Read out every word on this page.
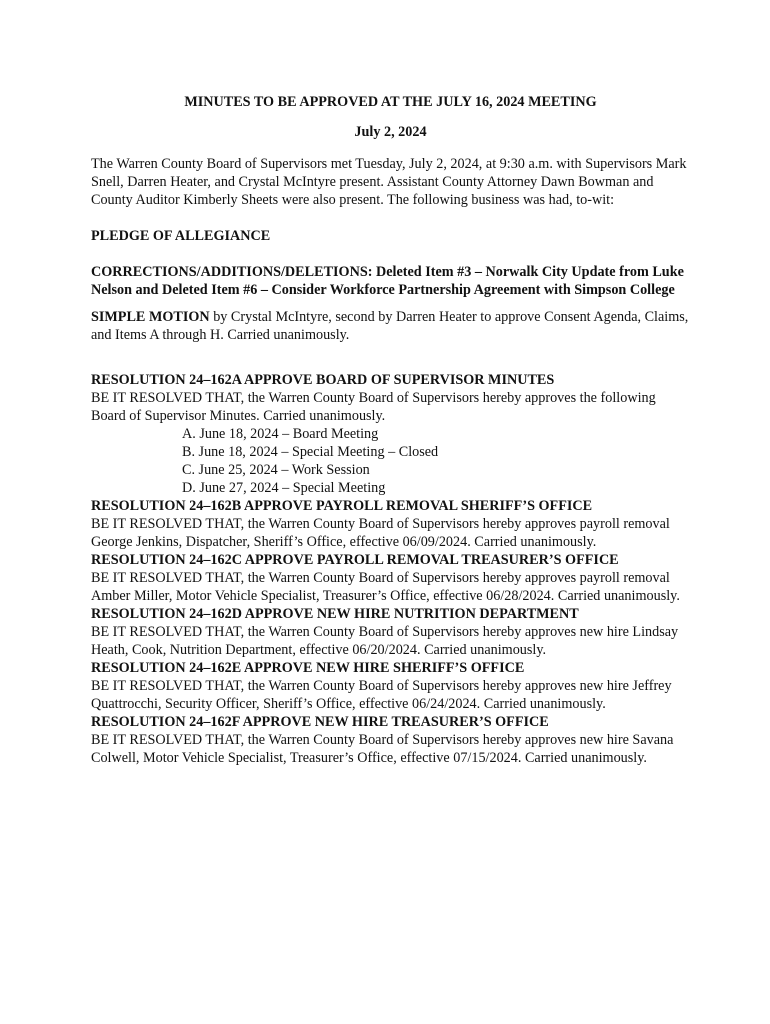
MINUTES TO BE APPROVED AT THE JULY 16, 2024 MEETING

July 2, 2024

The Warren County Board of Supervisors met Tuesday, July 2, 2024, at 9:30 a.m. with Supervisors Mark Snell, Darren Heater, and Crystal McIntyre present. Assistant County Attorney Dawn Bowman and County Auditor Kimberly Sheets were also present. The following business was had, to-wit:

PLEDGE OF ALLEGIANCE

CORRECTIONS/ADDITIONS/DELETIONS: Deleted Item #3 – Norwalk City Update from Luke Nelson and Deleted Item #6 – Consider Workforce Partnership Agreement with Simpson College

SIMPLE MOTION by Crystal McIntyre, second by Darren Heater to approve Consent Agenda, Claims, and Items A through H. Carried unanimously.

RESOLUTION 24–162A APPROVE BOARD OF SUPERVISOR MINUTES

BE IT RESOLVED THAT, the Warren County Board of Supervisors hereby approves the following Board of Supervisor Minutes. Carried unanimously.

A. June 18, 2024 – Board Meeting
B. June 18, 2024 – Special Meeting – Closed
C. June 25, 2024 – Work Session
D. June 27, 2024 – Special Meeting

RESOLUTION 24–162B APPROVE PAYROLL REMOVAL SHERIFF’S OFFICE

BE IT RESOLVED THAT, the Warren County Board of Supervisors hereby approves payroll removal George Jenkins, Dispatcher, Sheriff’s Office, effective 06/09/2024. Carried unanimously.

RESOLUTION 24–162C APPROVE PAYROLL REMOVAL TREASURER’S OFFICE

BE IT RESOLVED THAT, the Warren County Board of Supervisors hereby approves payroll removal Amber Miller, Motor Vehicle Specialist, Treasurer’s Office, effective 06/28/2024. Carried unanimously.

RESOLUTION 24–162D APPROVE NEW HIRE NUTRITION DEPARTMENT

BE IT RESOLVED THAT, the Warren County Board of Supervisors hereby approves new hire Lindsay Heath, Cook, Nutrition Department, effective 06/20/2024. Carried unanimously.

RESOLUTION 24–162E APPROVE NEW HIRE SHERIFF’S OFFICE

BE IT RESOLVED THAT, the Warren County Board of Supervisors hereby approves new hire Jeffrey Quattrocchi, Security Officer, Sheriff’s Office, effective 06/24/2024. Carried unanimously.

RESOLUTION 24–162F APPROVE NEW HIRE TREASURER’S OFFICE

BE IT RESOLVED THAT, the Warren County Board of Supervisors hereby approves new hire Savana Colwell, Motor Vehicle Specialist, Treasurer’s Office, effective 07/15/2024. Carried unanimously.
